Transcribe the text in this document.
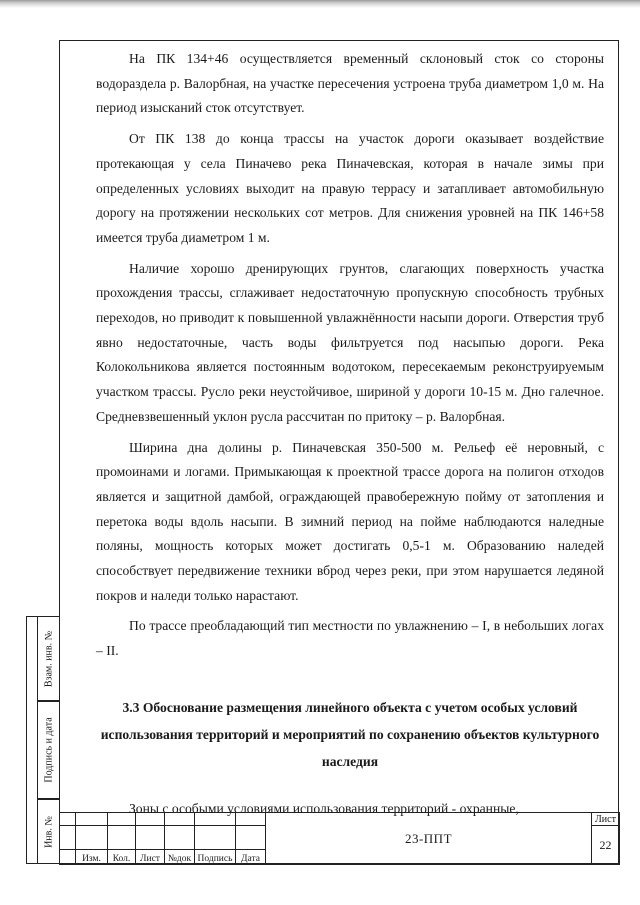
Взам. инв. №
Подпись и дата
Инв. №

На ПК 134+46 осуществляется временный склоновый сток со стороны водораздела р. Валорбная, на участке пересечения устроена труба диаметром 1,0 м. На период изысканий сток отсутствует.

От ПК 138 до конца трассы на участок дороги оказывает воздействие протекающая у села Пиначево река Пиначевская, которая в начале зимы при определенных условиях выходит на правую террасу и затапливает автомобильную дорогу на протяжении нескольких сот метров. Для снижения уровней на ПК 146+58 имеется труба диаметром 1 м.

Наличие хорошо дренирующих грунтов, слагающих поверхность участка прохождения трассы, сглаживает недостаточную пропускную способность трубных переходов, но приводит к повышенной увлажнённости насыпи дороги. Отверстия труб явно недостаточные, часть воды фильтруется под насыпью дороги. Река Колокольникова является постоянным водотоком, пересекаемым реконструируемым участком трассы. Русло реки неустойчивое, шириной у дороги 10-15 м. Дно галечное. Средневзвешенный уклон русла рассчитан по притоку – р. Валорбная.

Ширина дна долины р. Пиначевская 350-500 м. Рельеф её неровный, с промоинами и логами. Примыкающая к проектной трассе дорога на полигон отходов является и защитной дамбой, ограждающей правобережную пойму от затопления и перетока воды вдоль насыпи. В зимний период на пойме наблюдаются наледные поляны, мощность которых может достигать 0,5-1 м. Образованию наледей способствует передвижение техники вброд через реки, при этом нарушается ледяной покров и наледи только нарастают.

По трассе преобладающий тип местности по увлажнению – I, в небольших логах – II.

3.3 Обоснование размещения линейного объекта с учетом особых условий использования территорий и мероприятий по сохранению объектов культурного наследия

Зоны с особыми условиями использования территорий - охранные,

							23-ППТ	Лист
								22
	Изм.	Кол.	Лист	№док	Подпись	Дата		
